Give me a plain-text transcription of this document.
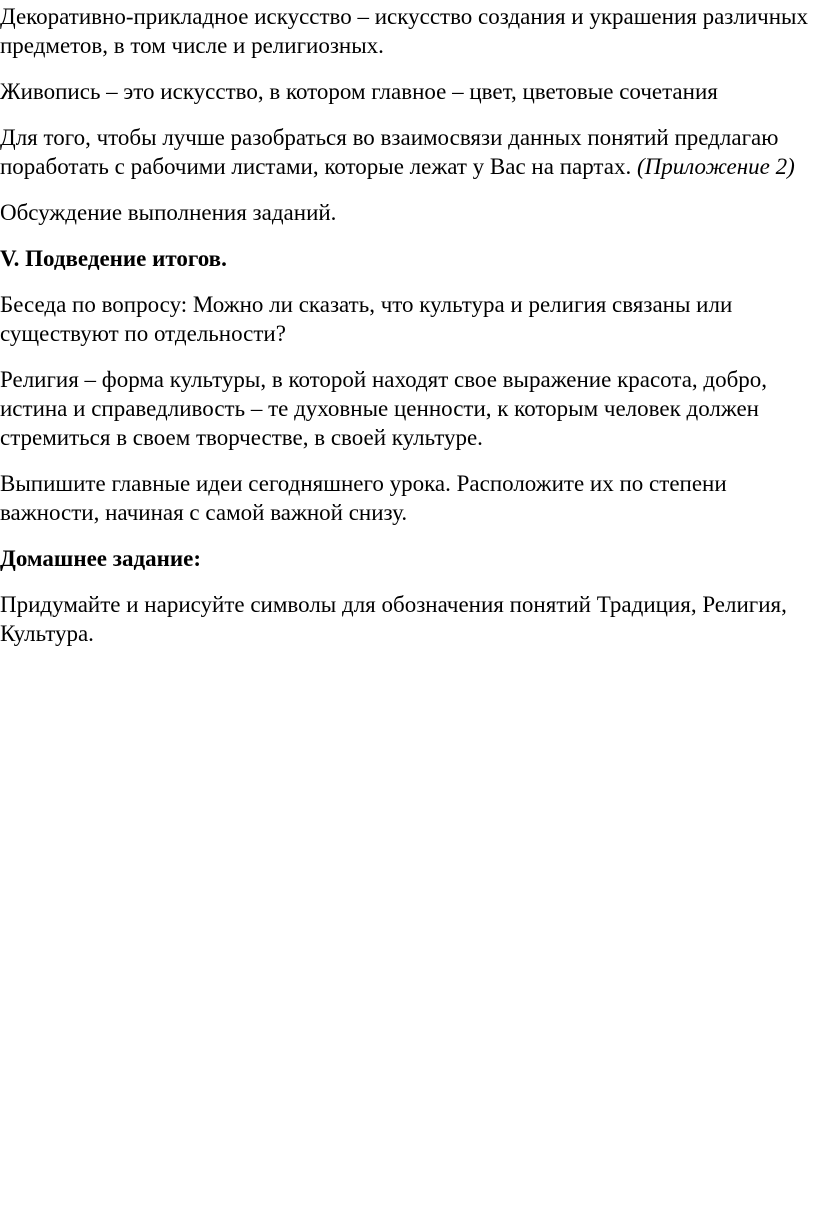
Декоративно-прикладное искусство – искусство создания и украшения различных предметов, в том числе и религиозных.

Живопись – это искусство, в котором главное – цвет, цветовые сочетания

Для того, чтобы лучше разобраться во взаимосвязи данных понятий предлагаю поработать с рабочими листами, которые лежат у Вас на партах. (Приложение 2)

Обсуждение выполнения заданий.

V. Подведение итогов.

Беседа по вопросу: Можно ли сказать, что культура и религия связаны или существуют по отдельности?

Религия – форма культуры, в которой находят свое выражение красота, добро, истина и справедливость – те духовные ценности, к которым человек должен стремиться в своем творчестве, в своей культуре.

Выпишите главные идеи сегодняшнего урока. Расположите их по степени важности, начиная с самой важной снизу.

Домашнее задание:

Придумайте и нарисуйте символы для обозначения понятий Традиция, Религия, Культура.
